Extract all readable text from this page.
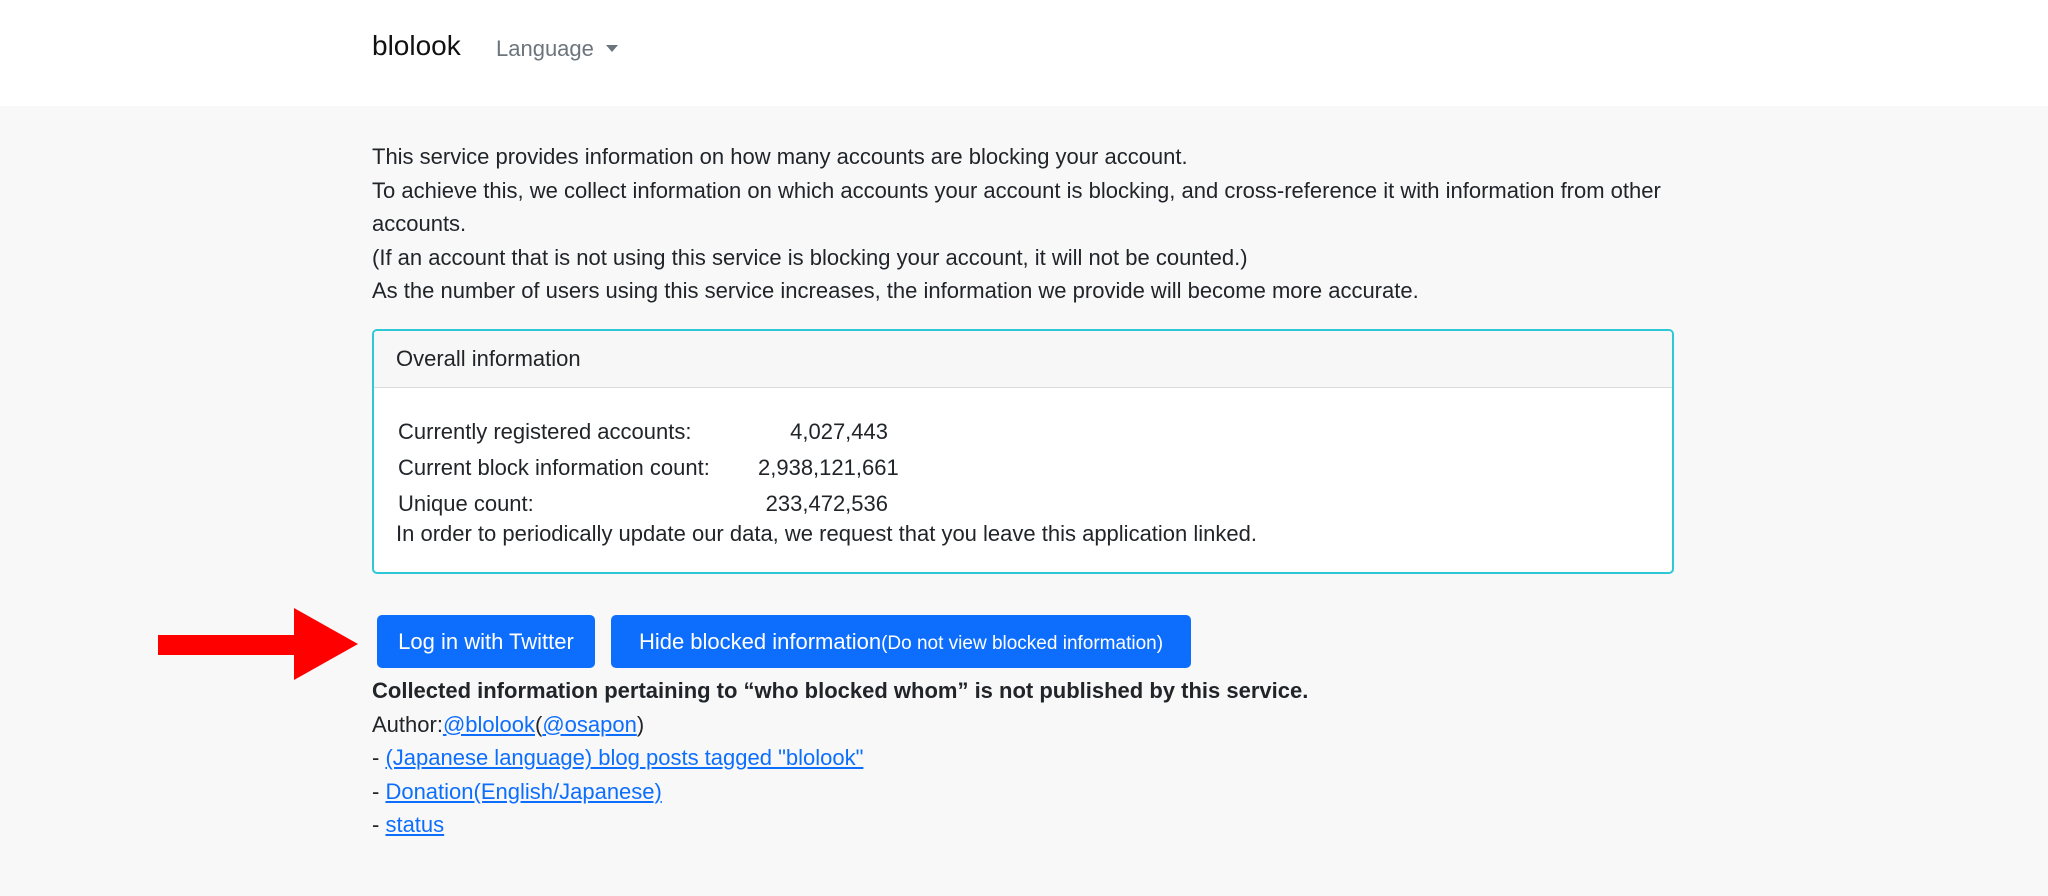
blolook Language

This service provides information on how many accounts are blocking your account.

To achieve this, we collect information on which accounts your account is blocking, and cross-reference it with information from other accounts.

(If an account that is not using this service is blocking your account, it will not be counted.)

As the number of users using this service increases, the information we provide will become more accurate.

Overall information
Currently registered accounts:	4,027,443
Current block information count:	2,938,121,661
Unique count:	233,472,536
In order to periodically update our data, we request that you leave this application linked.
Log in with Twitter	Hide blocked information(Do not view blocked information)

Collected information pertaining to “who blocked whom” is not published by this service.

Author:@blolook(@osapon)

- (Japanese language) blog posts tagged "blolook"

- Donation(English/Japanese)

- status
